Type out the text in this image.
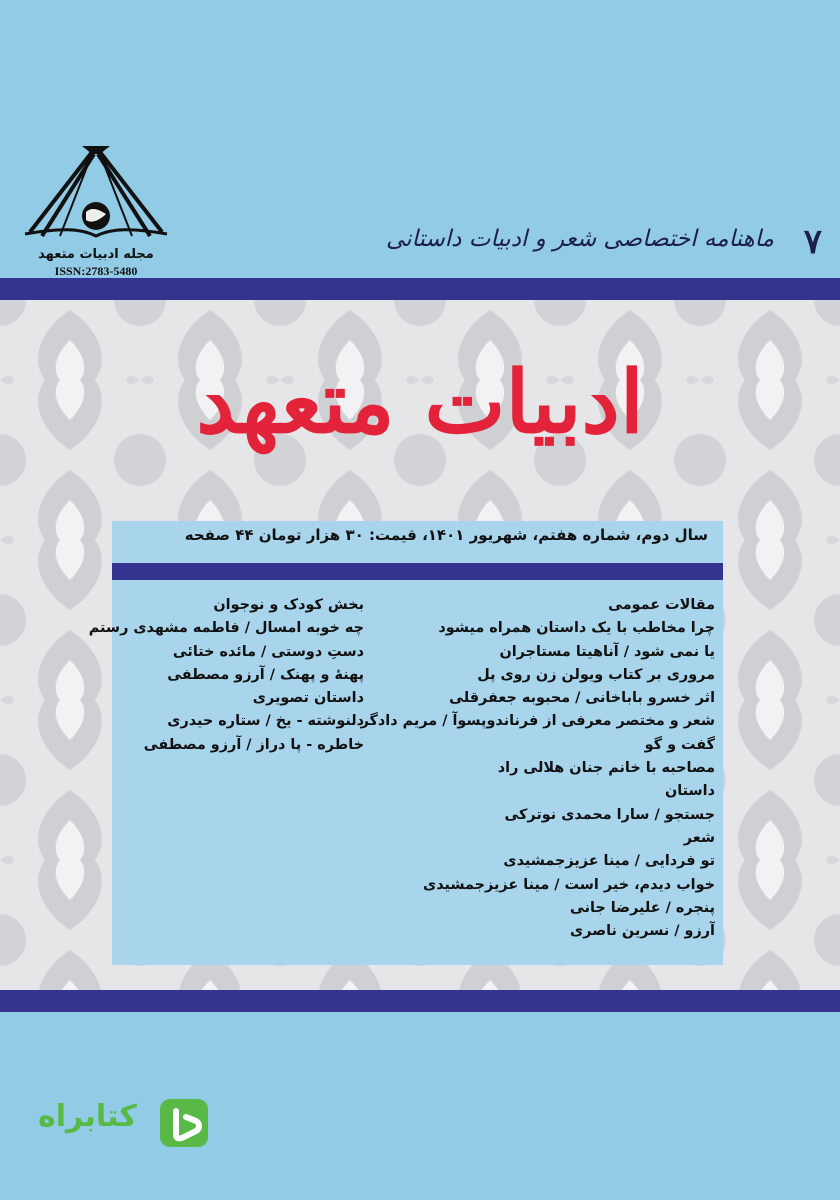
مجله ادبیات متعهد
ISSN:2783-5480
۷
ماهنامه اختصاصی شعر و ادبیات داستانی
ادبیات متعهد
سال دوم، شماره هفتم، شهریور ۱۴۰۱، قیمت: ۳۰ هزار تومان ۴۴ صفحه
مقالات عمومی
چرا مخاطب با یک داستان همراه میشود
یا نمی شود / آناهیتا مستاجران
مروری بر کتاب ویولن زن روی پل
اثر خسرو باباخانی / محبوبه جعفرقلی
شعر و مختصر معرفی از فرناندوپسوآ / مریم دادگر
گفت و گو
مصاحبه با خانم جنان هلالی راد
داستان
جستجو / سارا محمدی نوترکی
شعر
تو فردایی / مینا عزیزجمشیدی
خواب دیدم، خیر است / مینا عزیزجمشیدی
پنجره / علیرضا جانی
آرزو / نسرین ناصری
بخش کودک و نوجوان
چه خوبه امسال / فاطمه مشهدی رستم
دستِ دوستی / مائده ختائی
پهنهٔ و پهنک / آرزو مصطفی
داستان تصویری
دلنوشته - یخ / ستاره حیدری
خاطره - پا دراز / آرزو مصطفی
کتابراه
